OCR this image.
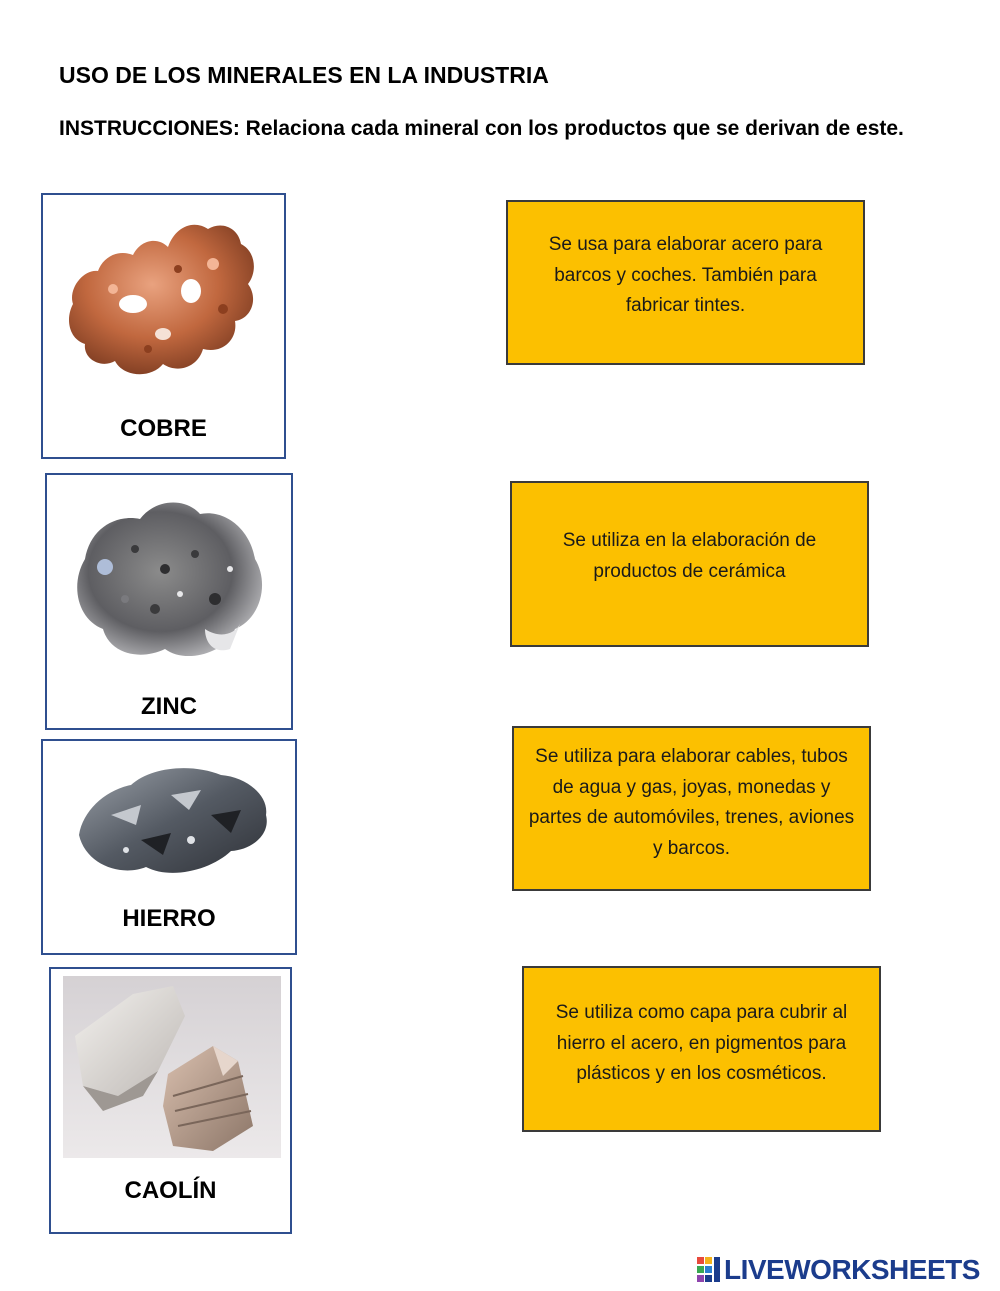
USO DE LOS MINERALES EN LA INDUSTRIA
INSTRUCCIONES: Relaciona cada mineral con los productos que se derivan de este.
COBRE
ZINC
HIERRO
CAOLÍN
Se usa para elaborar acero para barcos y coches. También para fabricar tintes.
Se utiliza en la elaboración de productos de cerámica
Se utiliza para elaborar cables, tubos de agua y gas, joyas, monedas y partes de automóviles, trenes, aviones y barcos.
Se utiliza como capa para cubrir al hierro el acero, en pigmentos para plásticos y en los cosméticos.
LIVEWORKSHEETS
